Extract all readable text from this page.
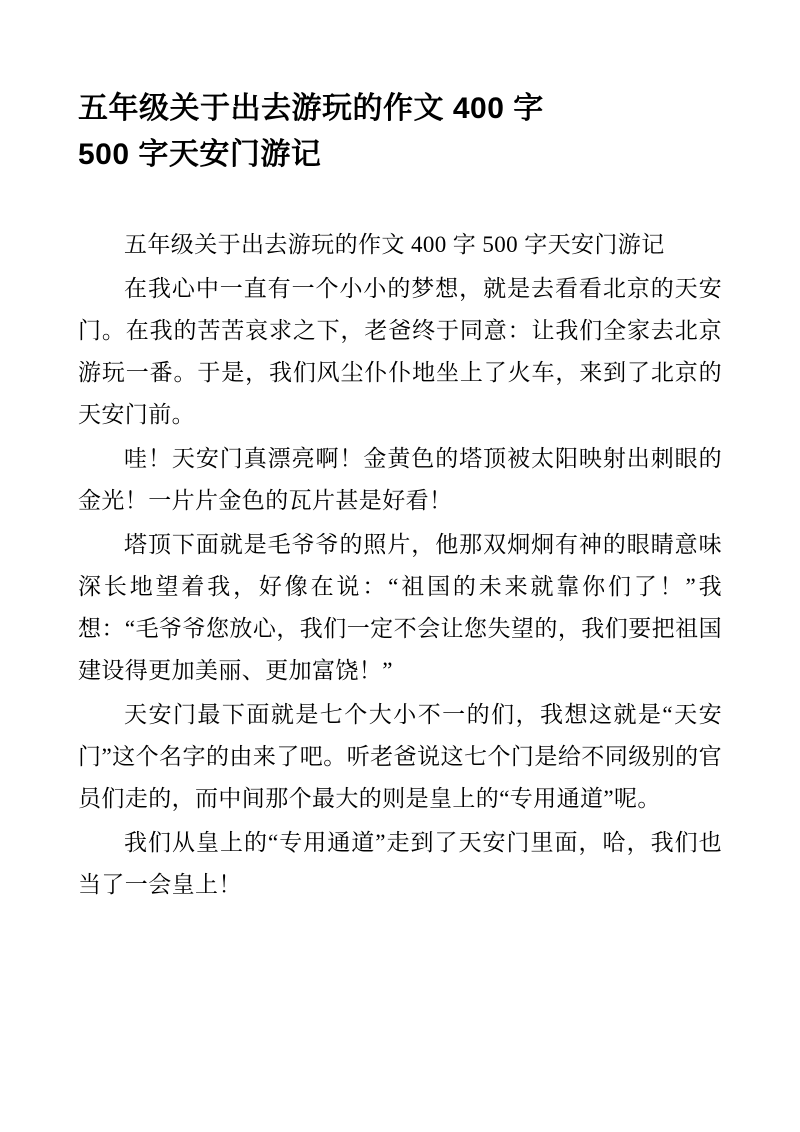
五年级关于出去游玩的作文 400 字
500 字天安门游记

五年级关于出去游玩的作文 400 字 500 字天安门游记

在我心中一直有一个小小的梦想，就是去看看北京的天安门。在我的苦苦哀求之下，老爸终于同意：让我们全家去北京游玩一番。于是，我们风尘仆仆地坐上了火车，来到了北京的天安门前。

哇！天安门真漂亮啊！金黄色的塔顶被太阳映射出刺眼的金光！一片片金色的瓦片甚是好看！

塔顶下面就是毛爷爷的照片，他那双炯炯有神的眼睛意味深长地望着我，好像在说：“祖国的未来就靠你们了！”我想：“毛爷爷您放心，我们一定不会让您失望的，我们要把祖国建设得更加美丽、更加富饶！”

天安门最下面就是七个大小不一的们，我想这就是“天安门”这个名字的由来了吧。听老爸说这七个门是给不同级别的官员们走的，而中间那个最大的则是皇上的“专用通道”呢。

我们从皇上的“专用通道”走到了天安门里面，哈，我们也当了一会皇上！
